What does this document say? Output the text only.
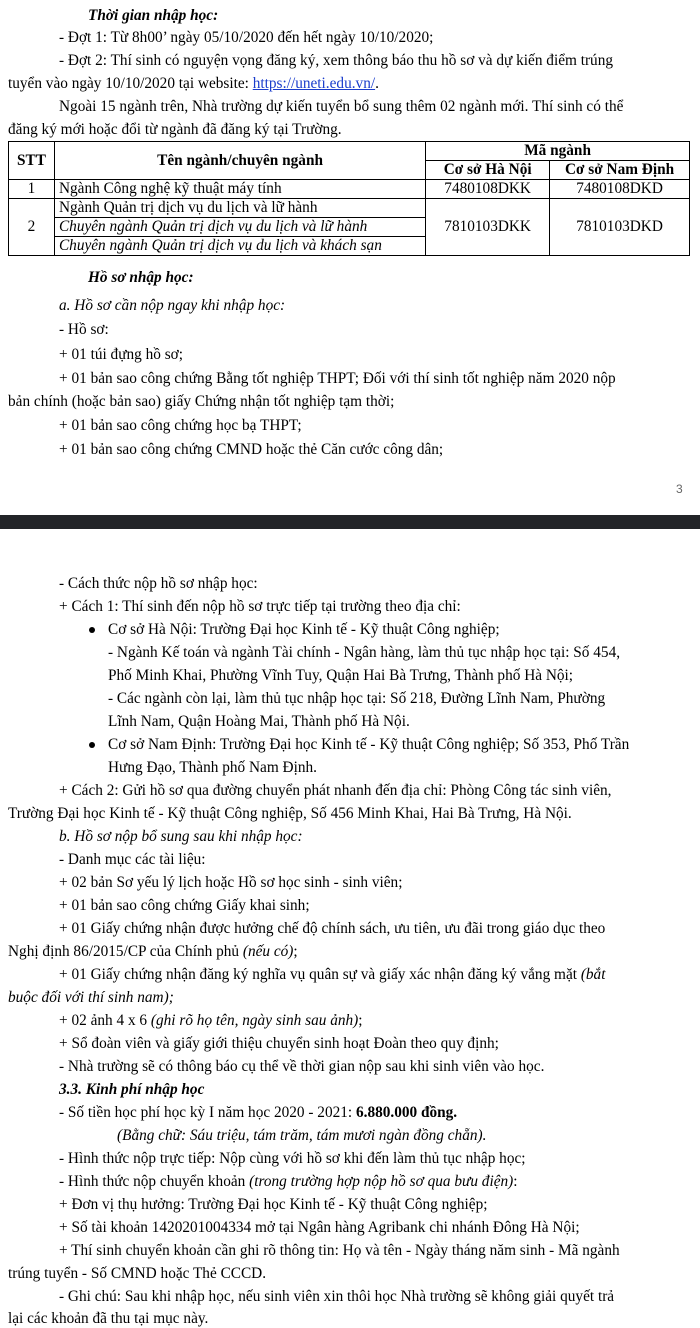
Thời gian nhập học:
- Đợt 1: Từ 8h00’ ngày 05/10/2020 đến hết ngày 10/10/2020;
- Đợt 2: Thí sinh có nguyện vọng đăng ký, xem thông báo thu hồ sơ và dự kiến điểm trúng
tuyển vào ngày 10/10/2020 tại website: https://uneti.edu.vn/.
Ngoài 15 ngành trên, Nhà trường dự kiến tuyển bổ sung thêm 02 ngành mới. Thí sinh có thể
đăng ký mới hoặc đổi từ ngành đã đăng ký tại Trường.
STT	Tên ngành/chuyên ngành	Mã ngành	
		Cơ sở Hà Nội	Cơ sở Nam Định
1	Ngành Công nghệ kỹ thuật máy tính	7480108DKK	7480108DKD
2	Ngành Quản trị dịch vụ du lịch và lữ hành	7810103DKK	7810103DKD
	Chuyên ngành Quản trị dịch vụ du lịch và lữ hành		
	Chuyên ngành Quản trị dịch vụ du lịch và khách sạn		
Hồ sơ nhập học:
a. Hồ sơ cần nộp ngay khi nhập học:
- Hồ sơ:
+ 01 túi đựng hồ sơ;
+ 01 bản sao công chứng Bằng tốt nghiệp THPT; Đối với thí sinh tốt nghiệp năm 2020 nộp
bản chính (hoặc bản sao) giấy Chứng nhận tốt nghiệp tạm thời;
+ 01 bản sao công chứng học bạ THPT;
+ 01 bản sao công chứng CMND hoặc thẻ Căn cước công dân;
3
- Cách thức nộp hồ sơ nhập học:
+ Cách 1: Thí sinh đến nộp hồ sơ trực tiếp tại trường theo địa chỉ:
Cơ sở Hà Nội: Trường Đại học Kinh tế - Kỹ thuật Công nghiệp;
- Ngành Kế toán và ngành Tài chính - Ngân hàng, làm thủ tục nhập học tại: Số 454,
Phố Minh Khai, Phường Vĩnh Tuy, Quận Hai Bà Trưng, Thành phố Hà Nội;
- Các ngành còn lại, làm thủ tục nhập học tại: Số 218, Đường Lĩnh Nam, Phường
Lĩnh Nam, Quận Hoàng Mai, Thành phố Hà Nội.
Cơ sở Nam Định: Trường Đại học Kinh tế - Kỹ thuật Công nghiệp; Số 353, Phố Trần
Hưng Đạo, Thành phố Nam Định.
+ Cách 2: Gửi hồ sơ qua đường chuyển phát nhanh đến địa chỉ: Phòng Công tác sinh viên,
Trường Đại học Kinh tế - Kỹ thuật Công nghiệp, Số 456 Minh Khai, Hai Bà Trưng, Hà Nội.
b. Hồ sơ nộp bổ sung sau khi nhập học:
- Danh mục các tài liệu:
+ 02 bản Sơ yếu lý lịch hoặc Hồ sơ học sinh - sinh viên;
+ 01 bản sao công chứng Giấy khai sinh;
+ 01 Giấy chứng nhận được hưởng chế độ chính sách, ưu tiên, ưu đãi trong giáo dục theo
Nghị định 86/2015/CP của Chính phủ (nếu có);
+ 01 Giấy chứng nhận đăng ký nghĩa vụ quân sự và giấy xác nhận đăng ký vắng mặt (bắt
buộc đối với thí sinh nam);
+ 02 ảnh 4 x 6 (ghi rõ họ tên, ngày sinh sau ảnh);
+ Sổ đoàn viên và giấy giới thiệu chuyển sinh hoạt Đoàn theo quy định;
- Nhà trường sẽ có thông báo cụ thể về thời gian nộp sau khi sinh viên vào học.
3.3. Kinh phí nhập học
- Số tiền học phí học kỳ I năm học 2020 - 2021: 6.880.000 đồng.
(Bằng chữ: Sáu triệu, tám trăm, tám mươi ngàn đồng chẵn).
- Hình thức nộp trực tiếp: Nộp cùng với hồ sơ khi đến làm thủ tục nhập học;
- Hình thức nộp chuyển khoản (trong trường hợp nộp hồ sơ qua bưu điện):
+ Đơn vị thụ hưởng: Trường Đại học Kinh tế - Kỹ thuật Công nghiệp;
+ Số tài khoản 1420201004334 mở tại Ngân hàng Agribank chi nhánh Đông Hà Nội;
+ Thí sinh chuyển khoản cần ghi rõ thông tin: Họ và tên - Ngày tháng năm sinh - Mã ngành
trúng tuyển - Số CMND hoặc Thẻ CCCD.
- Ghi chú: Sau khi nhập học, nếu sinh viên xin thôi học Nhà trường sẽ không giải quyết trả
lại các khoản đã thu tại mục này.
